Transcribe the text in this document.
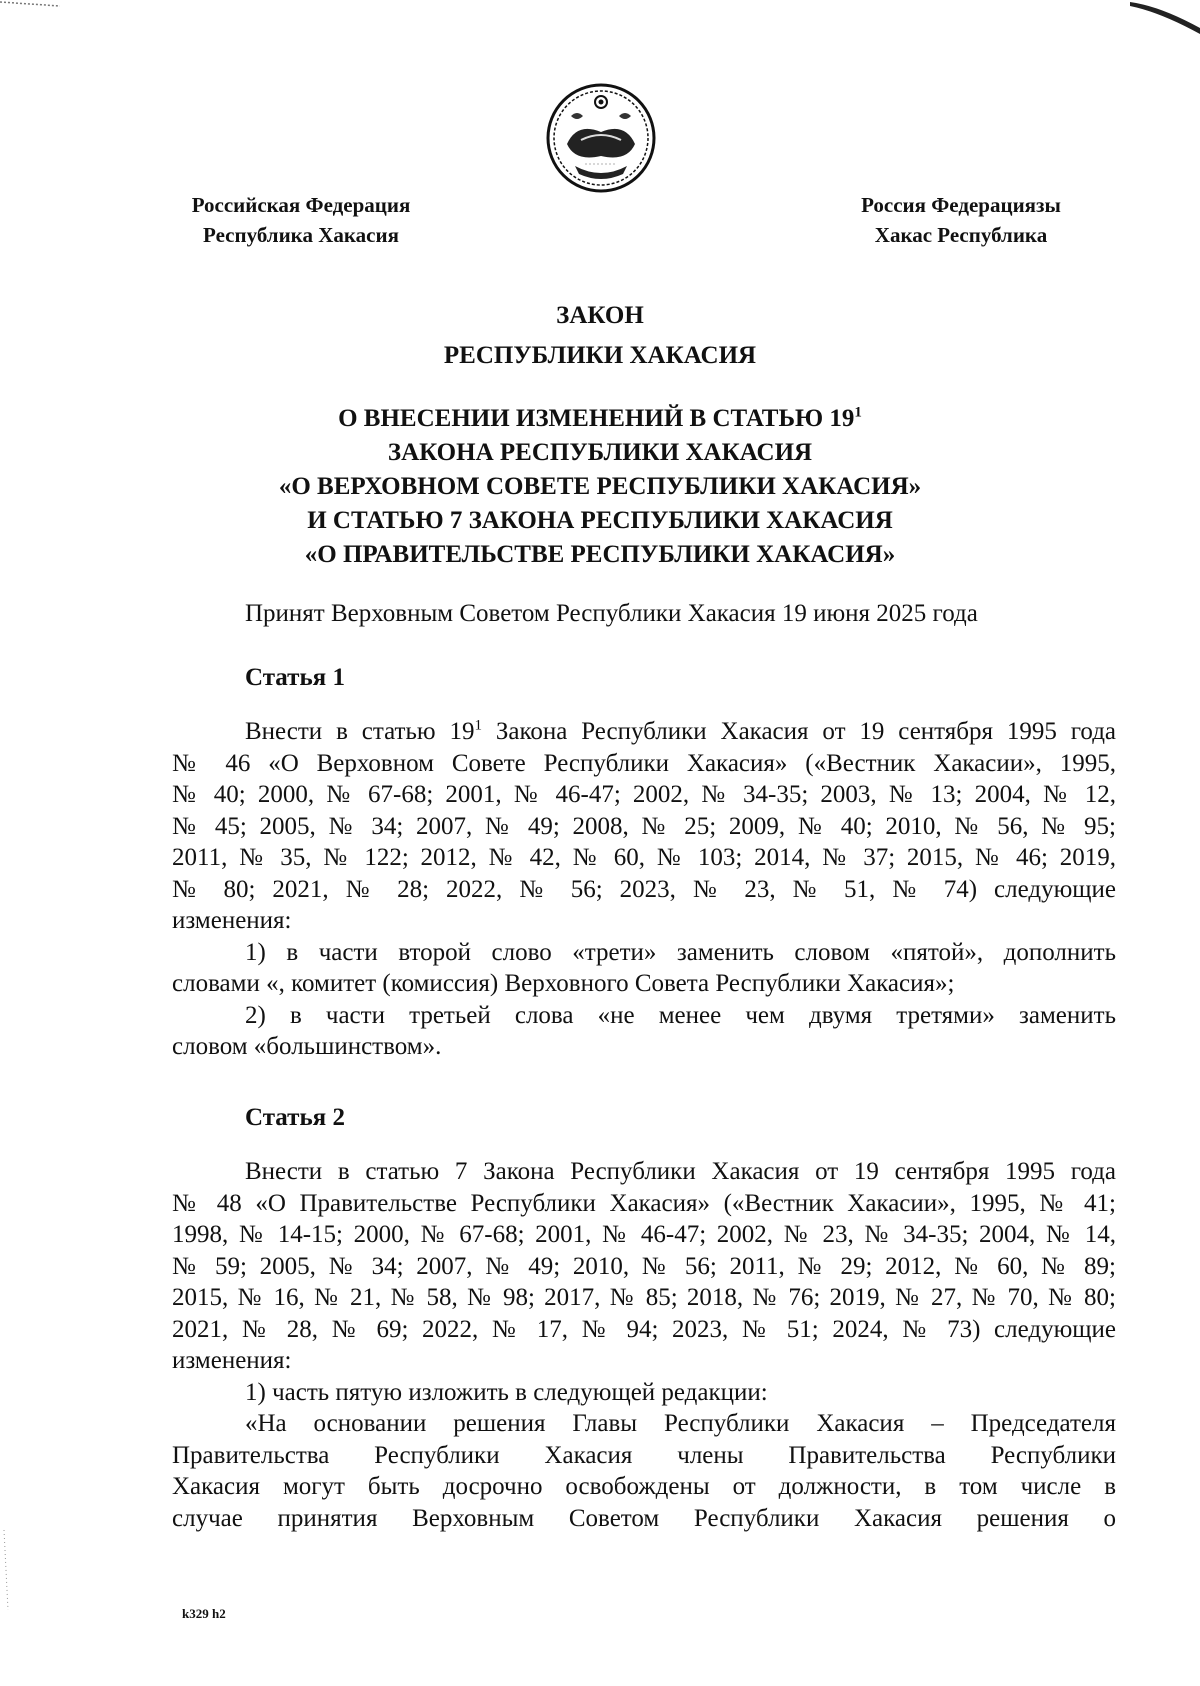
Российская Федерация
Республика Хакасия
Россия Федерациязы
Хакас Республика
ЗАКОН
РЕСПУБЛИКИ ХАКАСИЯ
О ВНЕСЕНИИ ИЗМЕНЕНИЙ В СТАТЬЮ $19^1$
ЗАКОНА РЕСПУБЛИКИ ХАКАСИЯ
«О ВЕРХОВНОМ СОВЕТЕ РЕСПУБЛИКИ ХАКАСИЯ»
И СТАТЬЮ 7 ЗАКОНА РЕСПУБЛИКИ ХАКАСИЯ
«О ПРАВИТЕЛЬСТВЕ РЕСПУБЛИКИ ХАКАСИЯ»
Принят Верховным Советом Республики Хакасия 19 июня 2025 года
Статья 1

Внести в статью $19^1$ Закона Республики Хакасия от 19 сентября 1995 года
№ 46 «О Верховном Совете Республики Хакасия» («Вестник Хакасии», 1995,
№ 40; 2000, № 67-68; 2001, № 46-47; 2002, № 34-35; 2003, № 13; 2004, № 12,
№ 45; 2005, № 34; 2007, № 49; 2008, № 25; 2009, № 40; 2010, № 56, № 95;
2011, № 35, № 122; 2012, № 42, № 60, № 103; 2014, № 37; 2015, № 46; 2019,
№ 80; 2021, № 28; 2022, № 56; 2023, № 23, № 51, № 74) следующие
изменения:

1) в части второй слово «трети» заменить словом «пятой», дополнить
словами «, комитет (комиссия) Верховного Совета Республики Хакасия»;

2) в части третьей слова «не менее чем двумя третями» заменить
словом «большинством».

Статья 2

Внести в статью 7 Закона Республики Хакасия от 19 сентября 1995 года
№ 48 «О Правительстве Республики Хакасия» («Вестник Хакасии», 1995, № 41;
1998, № 14-15; 2000, № 67-68; 2001, № 46-47; 2002, № 23, № 34-35; 2004, № 14,
№ 59; 2005, № 34; 2007, № 49; 2010, № 56; 2011, № 29; 2012, № 60, № 89;
2015, № 16, № 21, № 58, № 98; 2017, № 85; 2018, № 76; 2019, № 27, № 70, № 80;
2021, № 28, № 69; 2022, № 17, № 94; 2023, № 51; 2024, № 73) следующие
изменения:

1) часть пятую изложить в следующей редакции:

«На основании решения Главы Республики Хакасия – Председателя
Правительства Республики Хакасия члены Правительства Республики
Хакасия могут быть досрочно освобождены от должности, в том числе в
случае принятия Верховным Советом Республики Хакасия решения о

k329 h2
